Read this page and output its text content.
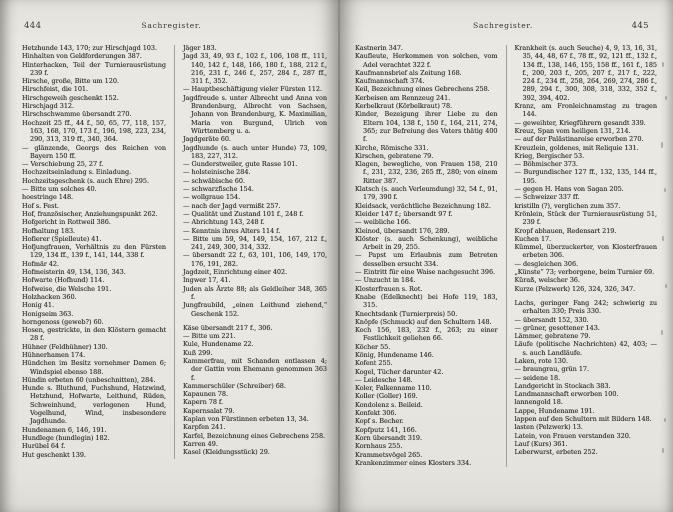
444	Sachregister.

Hetzhunde 143, 170; zur Hirschjagd 103.

Hinhalten von Geldforderungen 387.

Hinterhacken, Teil der Turnierausrüstung 239 f.

Hirsche, große, Bitte um 120.

Hirschfeist, die 101.

Hirschgeweih geschenkt 152.

Hirschjagd 312.

Hirschschwamme übersandt 270.

Hochzeit 25 ff., 44 f., 50, 65, 77, 118, 157, 163, 168, 170, 173 f., 196, 198, 223, 234, 290, 313, 319 ff., 340, 364.

— glänzende, Georgs des Reichen von Bayern 150 ff.

— Verschiebung 25, 27 f.

Hochzeitseinladung s. Einladung.

Hochzeitsgeschenk (s. auch Ehre) 295.

— Bitte um solches 40.

hoestringe 148.

Hof s. Fest.

Hof, französischer, Anziehungspunkt 262.

Hofgericht in Rottweil 386.

Hofhaltung 183.

Hofierer (Spielleute) 41.

Hofjungfrauen, Verhältnis zu den Fürsten 129, 134 ff., 139 f., 141, 144, 338 f.

Hofmär 42.

Hofmeisterin 49, 134, 136, 343.

Hofwarte (Hofhund) 114.

Hofweise, die Welsche 191.

Holzhacken 360.

Honig 41.

Honigseim 363.

horngenoss (geweb?) 60.

Hosen, gestrickte, in den Klöstern gemacht 28 f.

Hühner (Feldhühner) 130.

Hühnerhamen 174.

Hündchen im Besitz vornehmer Damen 6; Windspiel ebenso 188.

Hündin erbeten 60 (unbeschnitten), 284.

Hunde s. Bluthund, Fuchshund, Hatzwind, Hetzhund, Hofwarte, Leithund, Rüden, Schweinhund, verlogenen Hund, Vogelhund, Wind, insbesondere Jagdhunde.

Hundenamen 6, 146, 191.

Hundlege (hundlegin) 182.

Hurübel 64 f.

Hut geschenkt 139.

Jäger 183.

Jagd 33, 49, 93 f., 102 f., 106, 108 ff., 111, 140, 142 f., 148, 166, 180 f., 188, 212 f., 216, 231 f., 246 f., 257, 284 f., 287 ff., 311 f., 352.

— Hauptbeschäftigung vieler Fürsten 112.

Jagdfreude s. unter Albrecht und Anna von Brandenburg, Albrecht von Sachsen, Johann von Brandenburg, K. Maximilian, Maria von Burgund, Ulrich von Württemberg u. a.

Jagdgeräte 60.

Jagdhunde (s. auch unter Hunde) 73, 109, 183, 227, 312.

— Gunderstweiler, gute Rasse 101.

— holsteinische 284.

— schwäbische 60.

— schwarzfische 154.

— wollgraue 154.

— nach der Jagd vermißt 257.

— Qualität und Zustand 101 f., 248 f.

— Abrichtung 143, 248 f.

— Kenntnis ihres Alters 114 f.

— Bitte um 59, 94, 149, 154, 167, 212 f., 241, 249, 300, 314, 332.

— übersandt 22 f., 63, 101, 106, 149, 170, 176, 191, 282.

Jagdzeit, Einrichtung einer 402.

Ingwer 17, 41.

Juden als Ärzte 88; als Geldleiher 348, 365 f.

Jungfraubild, „einen Leithund ziehend,“ Geschenk 152.

Käse übersandt 217 f., 306.

— Bitte um 221.

Kule, Hundename 22.

Kuß 299.

Kammerfrau, mit Schanden entlassen 4; der Gattin vom Ehemann genommen 363 f.

Kammerschüler (Schreiber) 68.

Kapaunen 78.

Kapern 78 f.

Kapernsalat 79.

Kaplan von Fürstinnen erbeten 13, 34.

Karpfen 241.

Karfel, Bezeichnung eines Gebrechens 258.

Karren 49.

Kasel (Kleidungsstück) 29.

Sachregister.	445

Kastnerin 347.

Kaufleute, Herkommen von solchen, vom Adel verachtet 322 f.

Kaufmannsbrief als Zeitung 168.

Kaufmannschaft 374.

Keil, Bezeichnung eines Gebrechens 258.

Kerbeisen am Rennzeug 241.

Kerbelkraut (Körbelkraut) 78.

Kinder, Bezeigung ihrer Liebe zu den Eltern 104, 138 f., 150 f., 164, 211, 274, 365; zur Befreiung des Vaters thätig 400 f.

Kirche, Römische 331.

Kirschen, gebratene 79.

Klagen, bewegliche, von Frauen 158, 210 f., 231, 232, 236, 265 ff., 280; von einem Ritter 387.

Klatsch (s. auch Verleumdung) 32, 54 f., 91, 179, 390 f.

Kleidsack, verächtliche Bezeichnung 182.

Kleider 147 f.; übersandt 97 f.

— weibliche 166.

Kleinod, übersandt 176, 289.

Klöster (s. auch Schenkung), weibliche Arbeit in 29, 255.

— Papst um Erlaubnis zum Betreten desselben ersucht 334.

— Eintritt für eine Waise nachgesucht 396.

— Unzucht in 184.

Klosterfrauen s. Rot.

Knabe (Edelknecht) bei Hofe 119, 183, 315.

Knechtsdank (Turnierpreis) 50.

Knöpfe (Schmuck) auf den Schultern 148.

Koch 156, 183, 232 f., 263; zu einer Festlichkeit geliehen 66.

Köcher 55.

König, Hundename 146.

Kofent 255.

Kogel, Tücher darunter 42.

— Leidesche 148.

Koler, Falkenname 110.

Koller (Goller) 169.

Kondolenz s. Beileid.

Konfekt 306.

Kopf s. Becher.

Kopfputz 141, 166.

Korn übersandt 319.

Kornhaus 255.

Krammetsvögel 265.

Krankenzimmer eines Klosters 334.

Krankheit (s. auch Seuche) 4, 9, 13, 16, 31, 35, 44, 48, 67 f., 78 ff., 92, 121 ff., 132 f., 134 ff., 138, 146, 155, 158 ff., 161 f., 185 f., 200, 203 f., 205, 207 f., 217 f., 222, 224 f., 234 ff., 258, 264, 269, 274, 286 f., 289, 294 f., 300, 308, 318, 332, 352 f., 392, 394, 402.

Kranz, am Fronleichnamstag zu tragen 144.

— geweihter, Kriegführern gesandt 339.

Kreuz, Span vom heiligen 131, 214.

— auf der Palästinareise erworben 270.

Kreuzlein, goldenes, mit Reliquie 131.

Krieg, Bergischer 53.

— Böhmischer 373.

— Burgundischer 127 ff., 132, 135, 144 ff., 195.

— gegen H. Hans von Sagan 205.

— Schweizer 337 ff.

kristilln (?), verglichen zum 357.

Krönlein, Stück der Turnierausrüstung 51, 239 f.

Kropf abhauen, Redensart 219.

Kuchen 17.

Kümmel, überzuckerter, von Klosterfrauen erbeten 306.

— desgleichen 306.

„Künste“ 73; verborgene, beim Turnier 69.

Küraß, welscher 36.

Kurze (Pelzwerk) 126, 324, 326, 347.

Lachs, geringer Fang 242; schwierig zu erhalten 330; Preis 330.

— übersandt 152, 330.

— grüner, gesottener 143.

Lämmer, gebratene 79.

Läufe (politische Nachrichten) 42, 403; — s. auch Landläufe.

Laken, rote 130.

— braungrau, grün 17.

— seidene 18.

Landgericht in Stockach 383.

Landmannschaft erworben 100.

lannengold 18.

Lappe, Hundename 191.

lappen auf den Schultern mit Bildern 148.

lasten (Pelzwerk) 13.

Latein, von Frauen verstanden 320.

Lauf (Kurs) 361.

Leberwurst, erbeten 252.
